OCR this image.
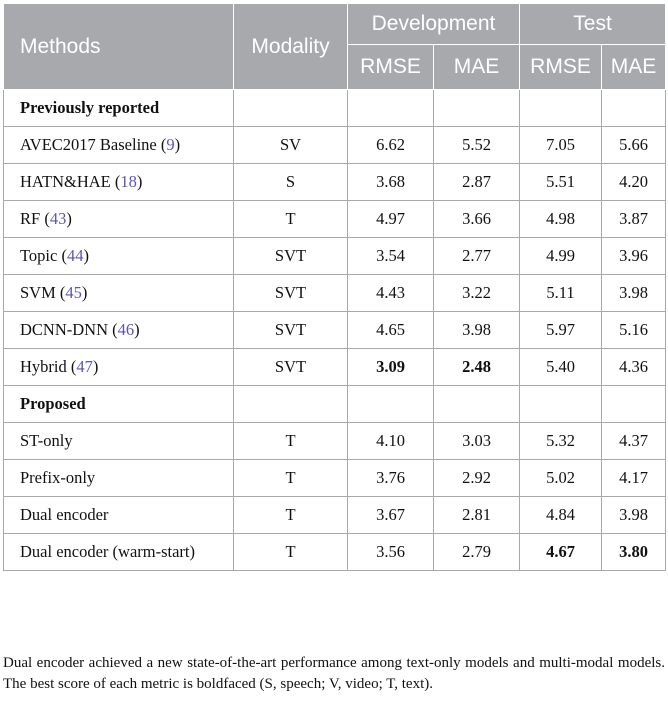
Methods	Modality	Development		Test	
		RMSE	MAE	RMSE	MAE
Previously reported					
AVEC2017 Baseline (9)	SV	6.62	5.52	7.05	5.66
HATN&HAE (18)	S	3.68	2.87	5.51	4.20
RF (43)	T	4.97	3.66	4.98	3.87
Topic (44)	SVT	3.54	2.77	4.99	3.96
SVM (45)	SVT	4.43	3.22	5.11	3.98
DCNN-DNN (46)	SVT	4.65	3.98	5.97	5.16
Hybrid (47)	SVT	3.09	2.48	5.40	4.36
Proposed					
ST-only	T	4.10	3.03	5.32	4.37
Prefix-only	T	3.76	2.92	5.02	4.17
Dual encoder	T	3.67	2.81	4.84	3.98
Dual encoder (warm-start)	T	3.56	2.79	4.67	3.80
Dual encoder achieved a new state-of-the-art performance among text-only models and multi-modal models. The best score of each metric is boldfaced (S, speech; V, video; T, text).
